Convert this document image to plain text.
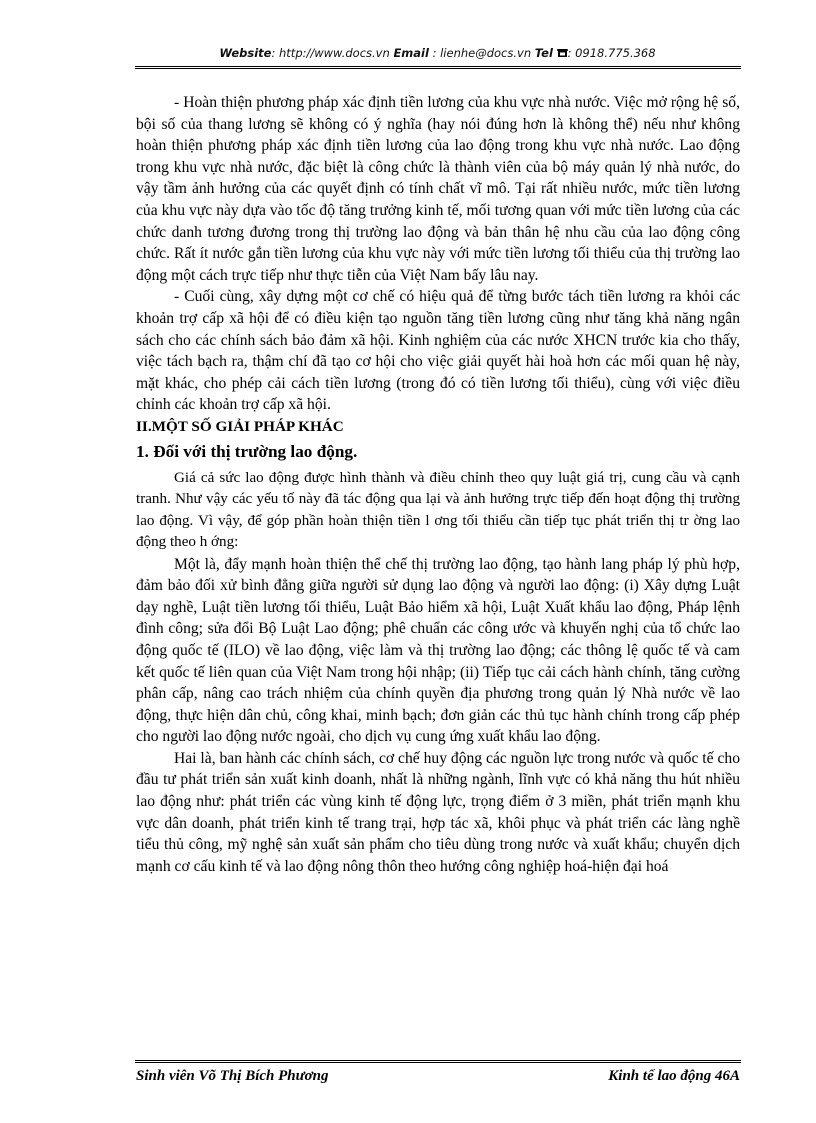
Website: http://www.docs.vn Email : lienhe@docs.vn Tel : 0918.775.368

- Hoàn thiện phương pháp xác định tiền lương của khu vực nhà nước. Việc mở rộng hệ số, bội số của thang lương sẽ không có ý nghĩa (hay nói đúng hơn là không thể) nếu như không hoàn thiện phương pháp xác định tiền lương của lao động trong khu vực nhà nước. Lao động trong khu vực nhà nước, đặc biệt là công chức là thành viên của bộ máy quản lý nhà nước, do vậy tầm ảnh hưởng của các quyết định có tính chất vĩ mô. Tại rất nhiều nước, mức tiền lương của khu vực này dựa vào tốc độ tăng trưởng kinh tế, mối tương quan với mức tiền lương của các chức danh tương đương trong thị trường lao động và bản thân hệ nhu cầu của lao động công chức. Rất ít nước gắn tiền lương của khu vực này với mức tiền lương tối thiểu của thị trường lao động một cách trực tiếp như thực tiễn của Việt Nam bấy lâu nay.

- Cuối cùng, xây dựng một cơ chế có hiệu quả để từng bước tách tiền lương ra khỏi các khoản trợ cấp xã hội để có điều kiện tạo nguồn tăng tiền lương cũng như tăng khả năng ngân sách cho các chính sách bảo đảm xã hội. Kinh nghiệm của các nước XHCN trước kia cho thấy, việc tách bạch ra, thậm chí đã tạo cơ hội cho việc giải quyết hài hoà hơn các mối quan hệ này, mặt khác, cho phép cải cách tiền lương (trong đó có tiền lương tối thiểu), cùng với việc điều chỉnh các khoản trợ cấp xã hội.

II.MỘT SỐ GIẢI PHÁP KHÁC
1. Đối với thị trường lao động.

Giá cả sức lao động được hình thành và điều chỉnh theo quy luật giá trị, cung cầu và cạnh tranh. Như vậy các yếu tố này đã tác động qua lại và ảnh hưởng trực tiếp đến hoạt động thị trường lao động. Vì vậy, để góp phần hoàn thiện tiền l ơng tối thiểu cần tiếp tục phát triển thị tr ờng lao động theo h ớng:

Một là, đẩy mạnh hoàn thiện thể chế thị trường lao động, tạo hành lang pháp lý phù hợp, đảm bảo đối xử bình đẳng giữa người sử dụng lao động và người lao động: (i) Xây dựng Luật dạy nghề, Luật tiền lương tối thiểu, Luật Bảo hiểm xã hội, Luật Xuất khẩu lao động, Pháp lệnh đình công; sửa đổi Bộ Luật Lao động; phê chuẩn các công ước và khuyến nghị của tổ chức lao động quốc tế (ILO) về lao động, việc làm và thị trường lao động; các thông lệ quốc tế và cam kết quốc tế liên quan của Việt Nam trong hội nhập; (ii) Tiếp tục cải cách hành chính, tăng cường phân cấp, nâng cao trách nhiệm của chính quyền địa phương trong quản lý Nhà nước về lao động, thực hiện dân chủ, công khai, minh bạch; đơn giản các thủ tục hành chính trong cấp phép cho người lao động nước ngoài, cho dịch vụ cung ứng xuất khẩu lao động.

Hai là, ban hành các chính sách, cơ chế huy động các nguồn lực trong nước và quốc tế cho đầu tư phát triển sản xuất kinh doanh, nhất là những ngành, lĩnh vực có khả năng thu hút nhiều lao động như: phát triển các vùng kinh tế động lực, trọng điểm ở 3 miền, phát triển mạnh khu vực dân doanh, phát triển kinh tế trang trại, hợp tác xã, khôi phục và phát triển các làng nghề tiểu thủ công, mỹ nghệ sản xuất sản phẩm cho tiêu dùng trong nước và xuất khẩu; chuyển dịch mạnh cơ cấu kinh tế và lao động nông thôn theo hướng công nghiệp hoá-hiện đại hoá

Sinh viên Võ Thị Bích Phương	Kinh tế lao động 46A
